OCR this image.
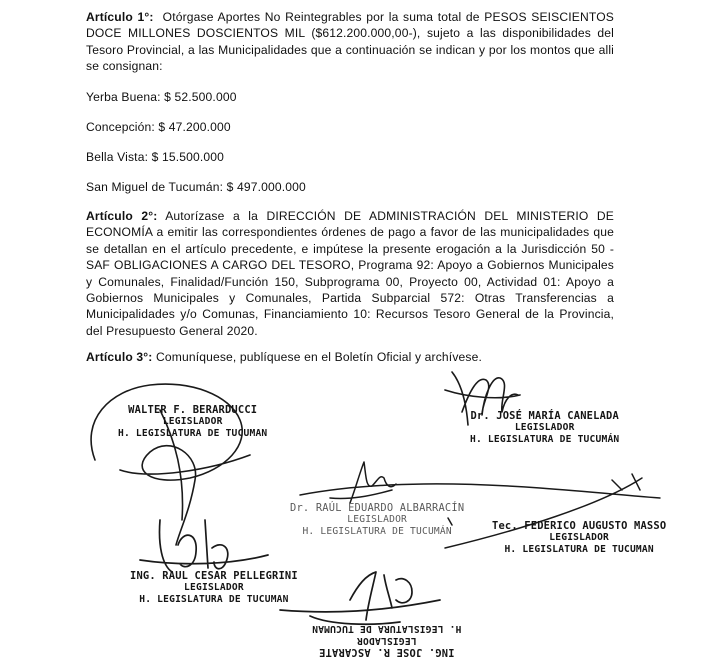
Artículo 1°: Otórgase Aportes No Reintegrables por la suma total de PESOS SEISCIENTOS DOCE MILLONES DOSCIENTOS MIL ($612.200.000,00-), sujeto a las disponibilidades del Tesoro Provincial, a las Municipalidades que a continuación se indican y por los montos que alli se consignan:
Yerba Buena: $ 52.500.000
Concepción: $ 47.200.000
Bella Vista: $ 15.500.000
San Miguel de Tucumán: $ 497.000.000
Artículo 2°: Autorízase a la DIRECCIÓN DE ADMINISTRACIÓN DEL MINISTERIO DE ECONOMÍA a emitir las correspondientes órdenes de pago a favor de las municipalidades que se detallan en el artículo precedente, e impútese la presente erogación a la Jurisdicción 50 - SAF OBLIGACIONES A CARGO DEL TESORO, Programa 92: Apoyo a Gobiernos Municipales y Comunales, Finalidad/Función 150, Subprograma 00, Proyecto 00, Actividad 01: Apoyo a Gobiernos Municipales y Comunales, Partida Subparcial 572: Otras Transferencias a Municipalidades y/o Comunas, Financiamiento 10: Recursos Tesoro General de la Provincia, del Presupuesto General 2020.
Artículo 3°: Comuníquese, publíquese en el Boletín Oficial y archívese.
WALTER F. BERARDUCCI
LEGISLADOR
H. LEGISLATURA DE TUCUMAN
Dr. JOSÉ MARÍA CANELADA
LEGISLADOR
H. LEGISLATURA DE TUCUMÁN
Dr. RAÚL EDUARDO ALBARRACÍN
LEGISLADOR
H. LEGISLATURA DE TUCUMÁN	Tec. FEDERICO AUGUSTO MASSO
LEGISLADOR
H. LEGISLATURA DE TUCUMAN
ING. RAUL CESAR PELLEGRINI
LEGISLADOR
H. LEGISLATURA DE TUCUMAN
ING. JOSE R. ASCARATE
LEGISLADOR
H. LEGISLATURA DE TUCUMAN
